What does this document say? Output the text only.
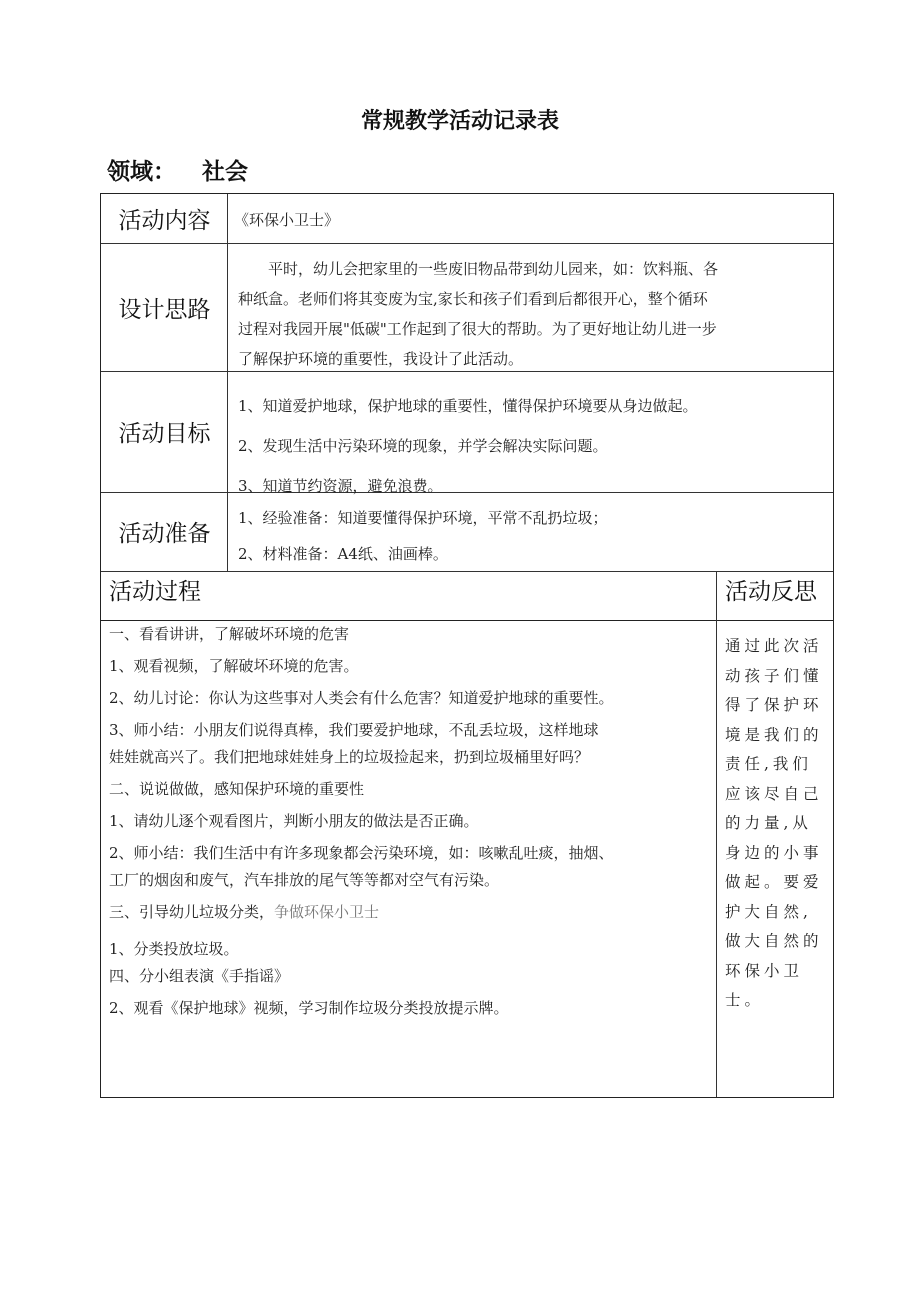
常规教学活动记录表
领域： 社会
活动内容	《环保小卫士》
设计思路

　　平时，幼儿会把家里的一些废旧物品带到幼儿园来，如：饮料瓶、各

种纸盒。老师们将其变废为宝,家长和孩子们看到后都很开心，整个循环

过程对我园开展"低碳"工作起到了很大的帮助。为了更好地让幼儿进一步

了解保护环境的重要性，我设计了此活动。

活动目标

1、知道爱护地球，保护地球的重要性，懂得保护环境要从身边做起。

2、发现生活中污染环境的现象，并学会解决实际问题。

3、知道节约资源，避免浪费。

活动准备

1、经验准备：知道要懂得保护环境，平常不乱扔垃圾；

2、材料准备：A4纸、油画棒。

活动过程	活动反思

一、看看讲讲，了解破坏环境的危害

1、观看视频，了解破坏环境的危害。

2、幼儿讨论：你认为这些事对人类会有什么危害？知道爱护地球的重要性。

3、师小结：小朋友们说得真棒，我们要爱护地球，不乱丢垃圾，这样地球

娃娃就高兴了。我们把地球娃娃身上的垃圾捡起来，扔到垃圾桶里好吗？

二、说说做做，感知保护环境的重要性

1、请幼儿逐个观看图片，判断小朋友的做法是否正确。

2、师小结：我们生活中有许多现象都会污染环境，如：咳嗽乱吐痰，抽烟、

工厂的烟囱和废气，汽车排放的尾气等等都对空气有污染。

三、引导幼儿垃圾分类，争做环保小卫士

1、分类投放垃圾。

四、分小组表演《手指谣》

2、观看《保护地球》视频，学习制作垃圾分类投放提示牌。

通过此次活动孩子们懂得了保护环境是我们的责任,我们应该尽自己的力量,从身边的小事做起。要爱护大自然,做大自然的环保小卫士。
